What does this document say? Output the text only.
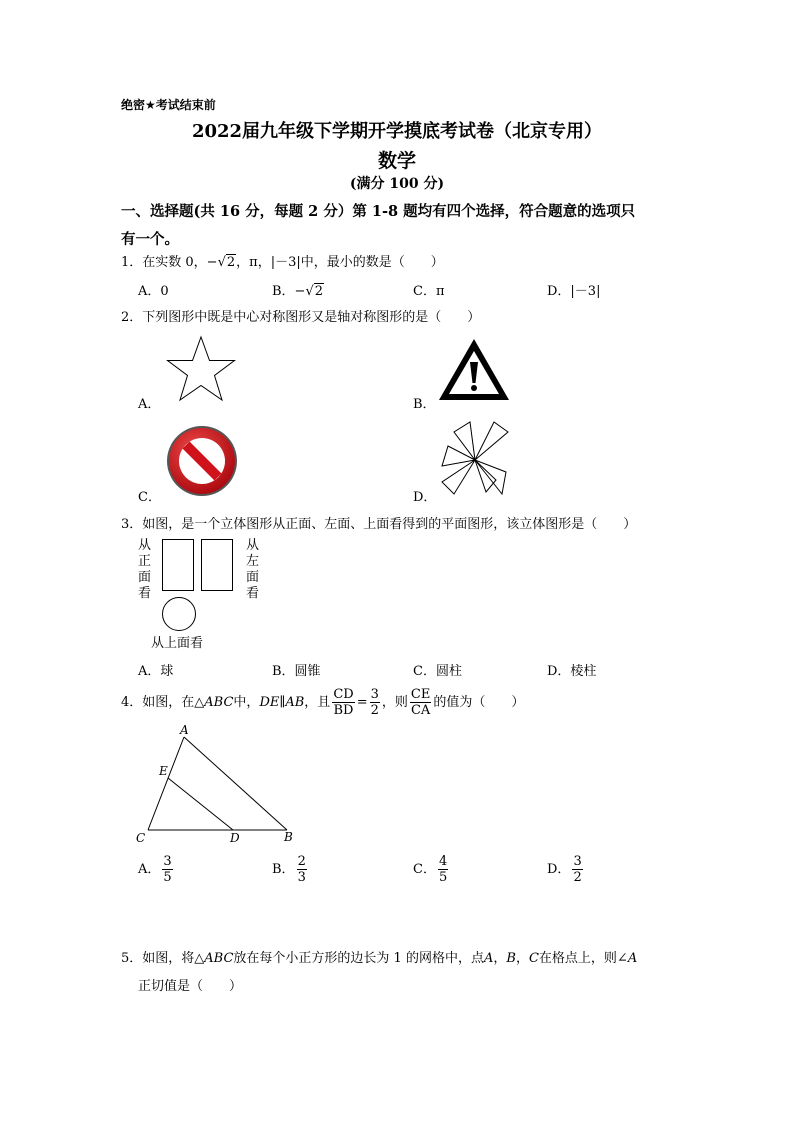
绝密★考试结束前
2022届九年级下学期开学摸底考试卷（北京专用）
数学
(满分 100 分)
一、选择题(共 16 分，每题 2 分）第 1-8 题均有四个选择，符合题意的选项只
有一个。
1．在实数 0，−√2，π，|－3|中，最小的数是（　　）
A．0	B．−√2	C．π	D．|－3|
2．下列图形中既是中心对称图形又是轴对称图形的是（　　）
A．	B．
C．	D．
3．如图，是一个立体图形从正面、左面、上面看得到的平面图形，该立体图形是（　　）
从正面看
从左面看
从上面看
A．球	B．圆锥	C．圆柱	D．棱柱
4．如图，在△ABC中，DE∥AB，且 $\frac{CD}{BD} = \frac{3}{2}$ ，则 $\frac{CE}{CA}$ 的值为（　　）
A
E
C	D	B
A． $\frac{3}{5}$	B． $\frac{2}{3}$	C． $\frac{4}{5}$	D． $\frac{3}{2}$
5．如图，将△ABC放在每个小正方形的边长为 1 的网格中，点A，B，C在格点上，则∠A
正切值是（　　）
